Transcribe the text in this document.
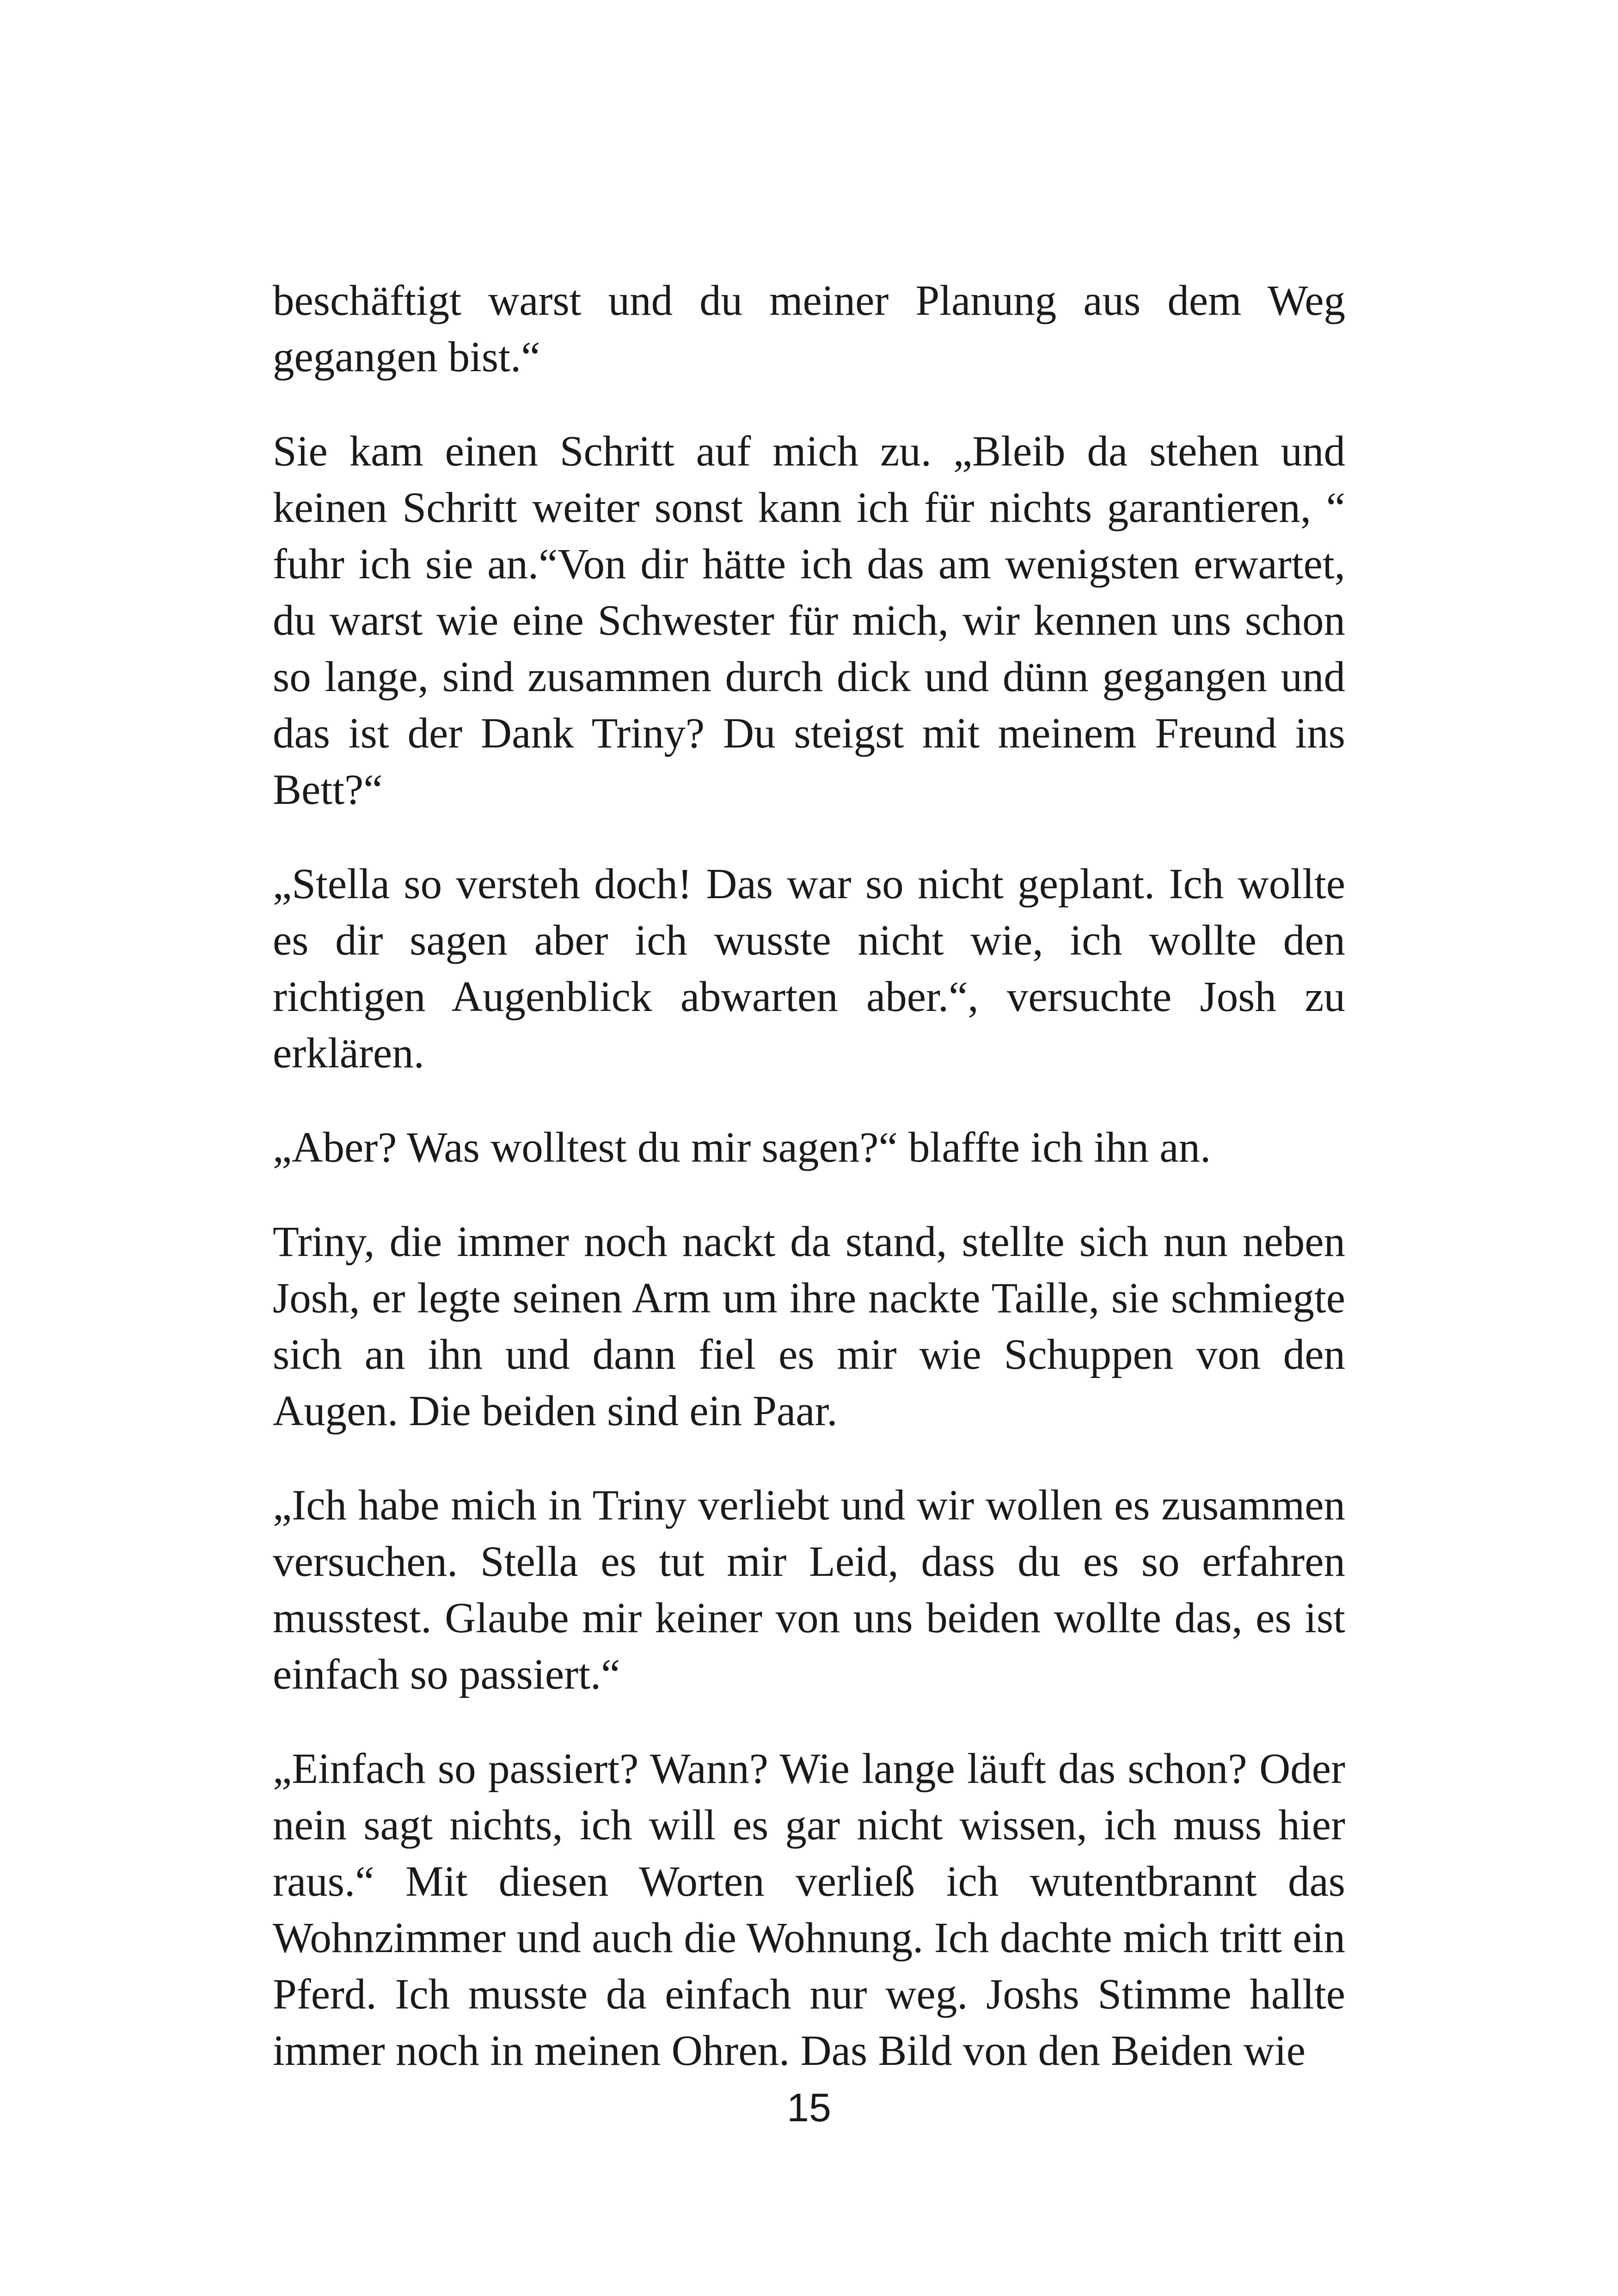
beschäftigt warst und du meiner Planung aus dem Weg gegangen bist.“

Sie kam einen Schritt auf mich zu. „Bleib da stehen und keinen Schritt weiter sonst kann ich für nichts garantieren, “ fuhr ich sie an.“Von dir hätte ich das am wenigsten erwartet, du warst wie eine Schwester für mich, wir kennen uns schon so lange, sind zusammen durch dick und dünn gegangen und das ist der Dank Triny? Du steigst mit meinem Freund ins Bett?“

„Stella so versteh doch! Das war so nicht geplant. Ich wollte es dir sagen aber ich wusste nicht wie, ich wollte den richtigen Augenblick abwarten aber.“, versuchte Josh zu erklären.

„Aber? Was wolltest du mir sagen?“ blaffte ich ihn an.

Triny, die immer noch nackt da stand, stellte sich nun neben Josh, er legte seinen Arm um ihre nackte Taille, sie schmiegte sich an ihn und dann fiel es mir wie Schuppen von den Augen. Die beiden sind ein Paar.

„Ich habe mich in Triny verliebt und wir wollen es zusammen versuchen. Stella es tut mir Leid, dass du es so erfahren musstest. Glaube mir keiner von uns beiden wollte das, es ist einfach so passiert.“

„Einfach so passiert? Wann? Wie lange läuft das schon? Oder nein sagt nichts, ich will es gar nicht wissen, ich muss hier raus.“ Mit diesen Worten verließ ich wutentbrannt das Wohnzimmer und auch die Wohnung. Ich dachte mich tritt ein Pferd. Ich musste da einfach nur weg. Joshs Stimme hallte immer noch in meinen Ohren. Das Bild von den Beiden wie

15
